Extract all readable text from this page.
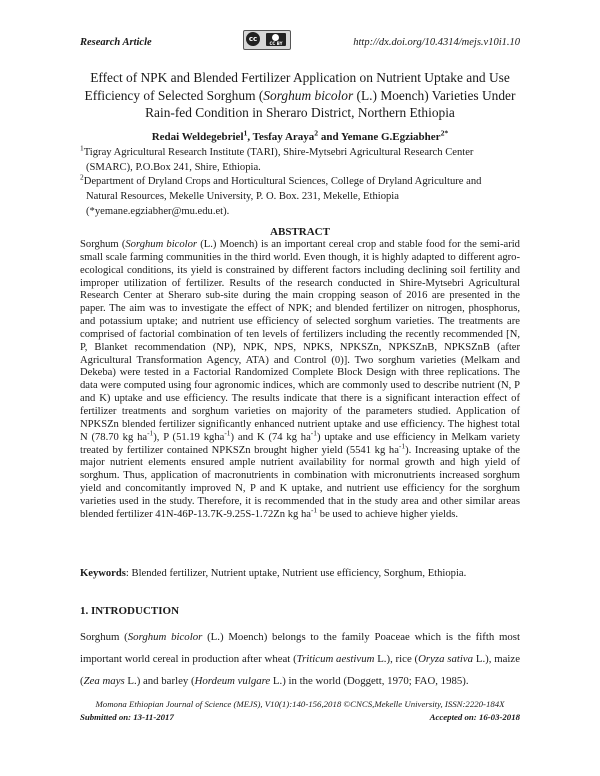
Research Article	http://dx.doi.org/10.4314/mejs.v10i1.10
cc
CC BY
Effect of NPK and Blended Fertilizer Application on Nutrient Uptake and Use
Efficiency of Selected Sorghum (Sorghum bicolor (L.) Moench) Varieties Under
Rain-fed Condition in Sheraro District, Northern Ethiopia
Redai Weldegebriel$^1$, Tesfay Araya$^2$ and Yemane G.Egziabher$^{2*}$
$^1$Tigray Agricultural Research Institute (TARI), Shire-Mytsebri Agricultural Research Center
(SMARC), P.O.Box 241, Shire, Ethiopia.
$^2$Department of Dryland Crops and Horticultural Sciences, College of Dryland Agriculture and
Natural Resources, Mekelle University, P. O. Box. 231, Mekelle, Ethiopia
(*yemane.egziabher@mu.edu.et).
ABSTRACT
Sorghum (Sorghum bicolor (L.) Moench) is an important cereal crop and stable food for the semi-arid small scale farming communities in the third world. Even though, it is highly adapted to different agro-ecological conditions, its yield is constrained by different factors including declining soil fertility and improper utilization of fertilizer. Results of the research conducted in Shire-Mytsebri Agricultural Research Center at Sheraro sub-site during the main cropping season of 2016 are presented in the paper. The aim was to investigate the effect of NPK; and blended fertilizer on nitrogen, phosphorus, and potassium uptake; and nutrient use efficiency of selected sorghum varieties. The treatments are comprised of factorial combination of ten levels of fertilizers including the recently recommended [N, P, Blanket recommendation (NP), NPK, NPS, NPKS, NPKSZn, NPKSZnB, NPKSZnB (after Agricultural Transformation Agency, ATA) and Control (0)]. Two sorghum varieties (Melkam and Dekeba) were tested in a Factorial Randomized Complete Block Design with three replications. The data were computed using four agronomic indices, which are commonly used to describe nutrient (N, P and K) uptake and use efficiency. The results indicate that there is a significant interaction effect of fertilizer treatments and sorghum varieties on majority of the parameters studied. Application of NPKSZn blended fertilizer significantly enhanced nutrient uptake and use efficiency. The highest total N (78.70 kg $ha^{-1}$), P (51.19 kgha$^{-1}$) and K (74 kg $ha^{-1}$) uptake and use efficiency in Melkam variety treated by fertilizer contained NPKSZn brought higher yield (5541 kg $ha^{-1}$). Increasing uptake of the major nutrient elements ensured ample nutrient availability for normal growth and high yield of sorghum. Thus, application of macronutrients in combination with micronutrients increased sorghum yield and concomitantly improved N, P and K uptake, and nutrient use efficiency for the sorghum varieties used in the study. Therefore, it is recommended that in the study area and other similar areas blended fertilizer 41N-46P-13.7K-9.25S-1.72Zn kg $ha^{-1}$ be used to achieve higher yields.
Keywords: Blended fertilizer, Nutrient uptake, Nutrient use efficiency, Sorghum, Ethiopia.
1. INTRODUCTION
Sorghum (Sorghum bicolor (L.) Moench) belongs to the family Poaceae which is the fifth most important world cereal in production after wheat (Triticum aestivum L.), rice (Oryza sativa L.), maize (Zea mays L.) and barley (Hordeum vulgare L.) in the world (Doggett, 1970; FAO, 1985).
Momona Ethiopian Journal of Science (MEJS), V10(1):140-156,2018 ©CNCS,Mekelle University, ISSN:2220-184X
Submitted on: 13-11-2017	Accepted on: 16-03-2018
